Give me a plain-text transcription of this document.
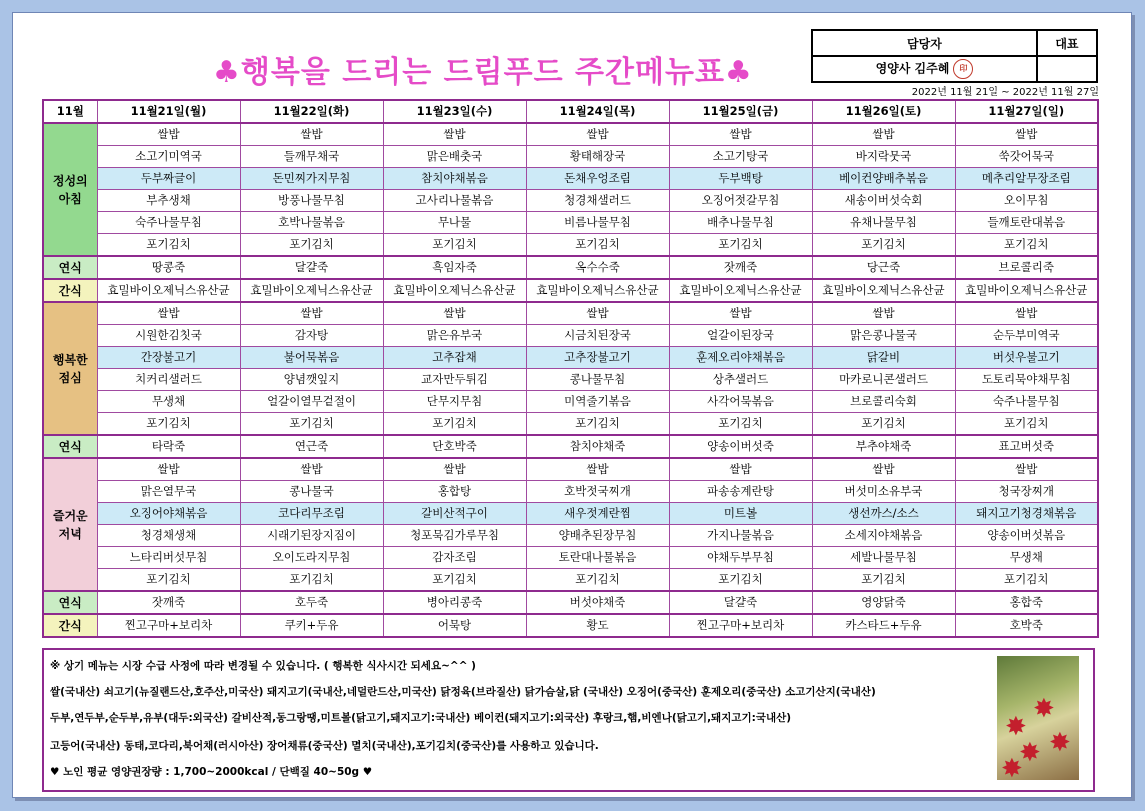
♣행복을 드리는 드림푸드 주간메뉴표♣
담당자	대표
영양사 김주혜 印	
2022년 11월 21일 ~ 2022년 11월 27일
11월	11월21일(월)	11월22일(화)	11월23일(수)	11월24일(목)	11월25일(금)	11월26일(토)	11월27일(일)
정성의
아침	쌀밥	쌀밥	쌀밥	쌀밥	쌀밥	쌀밥	쌀밥
	소고기미역국	들깨무채국	맑은배춧국	황태해장국	소고기탕국	바지락뭇국	쑥갓어묵국
	두부짜글이	돈민찌가지무침	참치야채볶음	돈채우엉조림	두부백탕	베이컨양배추볶음	메추리알무장조림
	부추생채	방풍나물무침	고사리나물볶음	청경채샐러드	오징어젓갈무침	새송이버섯숙회	오이무침
	숙주나물무침	호박나물볶음	무나물	비름나물무침	배추나물무침	유채나물무침	들깨토란대볶음
	포기김치	포기김치	포기김치	포기김치	포기김치	포기김치	포기김치
연식	땅콩죽	달걀죽	흑임자죽	옥수수죽	잣깨죽	당근죽	브로콜리죽
간식	효밀바이오제닉스유산균	효밀바이오제닉스유산균	효밀바이오제닉스유산균	효밀바이오제닉스유산균	효밀바이오제닉스유산균	효밀바이오제닉스유산균	효밀바이오제닉스유산균
행복한
점심	쌀밥	쌀밥	쌀밥	쌀밥	쌀밥	쌀밥	쌀밥
	시원한김칫국	감자탕	맑은유부국	시금치된장국	얼갈이된장국	맑은콩나물국	순두부미역국
	간장불고기	불어묵볶음	고추잡채	고추장불고기	훈제오리야채볶음	닭갈비	버섯우불고기
	치커리샐러드	양념깻잎지	교자만두튀김	콩나물무침	상추샐러드	마카로니콘샐러드	도토리묵야채무침
	무생채	얼갈이열무겉절이	단무지무침	미역줄기볶음	사각어묵볶음	브로콜리숙회	숙주나물무침
	포기김치	포기김치	포기김치	포기김치	포기김치	포기김치	포기김치
연식	타락죽	연근죽	단호박죽	참치야채죽	양송이버섯죽	부추야채죽	표고버섯죽
즐거운
저녁	쌀밥	쌀밥	쌀밥	쌀밥	쌀밥	쌀밥	쌀밥
	맑은열무국	콩나물국	홍합탕	호박젓국찌개	파송송계란탕	버섯미소유부국	청국장찌개
	오징어야채볶음	코다리무조림	갈비산적구이	새우젓계란찜	미트볼	생선까스/소스	돼지고기청경채볶음
	청경채생채	시래기된장지짐이	청포묵김가루무침	양배추된장무침	가지나물볶음	소세지야채볶음	양송이버섯볶음
	느타리버섯무침	오이도라지무침	감자조림	토란대나물볶음	야채두부무침	세발나물무침	무생채
	포기김치	포기김치	포기김치	포기김치	포기김치	포기김치	포기김치
연식	잣깨죽	호두죽	병아리콩죽	버섯야채죽	달걀죽	영양닭죽	홍합죽
간식	찐고구마+보리차	쿠키+두유	어묵탕	황도	찐고구마+보리차	카스타드+두유	호박죽

※ 상기 메뉴는 시장 수급 사정에 따라 변경될 수 있습니다. ( 행복한 식사시간 되세요~^^ )

쌀(국내산) 쇠고기(뉴질랜드산,호주산,미국산) 돼지고기(국내산,네덜란드산,미국산) 닭정육(브라질산) 닭가슴살,닭 (국내산) 오징어(중국산) 훈제오리(중국산) 소고기산지(국내산)

두부,연두부,순두부,유부(대두:외국산) 갈비산적,동그랑땡,미트볼(닭고기,돼지고기:국내산) 베이컨(돼지고기:외국산) 후랑크,햄,비엔나(닭고기,돼지고기:국내산)

고등어(국내산) 동태,코다리,북어채(러시아산) 장어채류(중국산) 멸치(국내산),포기김치(중국산)를 사용하고 있습니다.

♥ 노인 평균 영양권장량 : 1,700~2000kcal / 단백질 40~50g ♥

✸
✸
✸ ✸
✸
